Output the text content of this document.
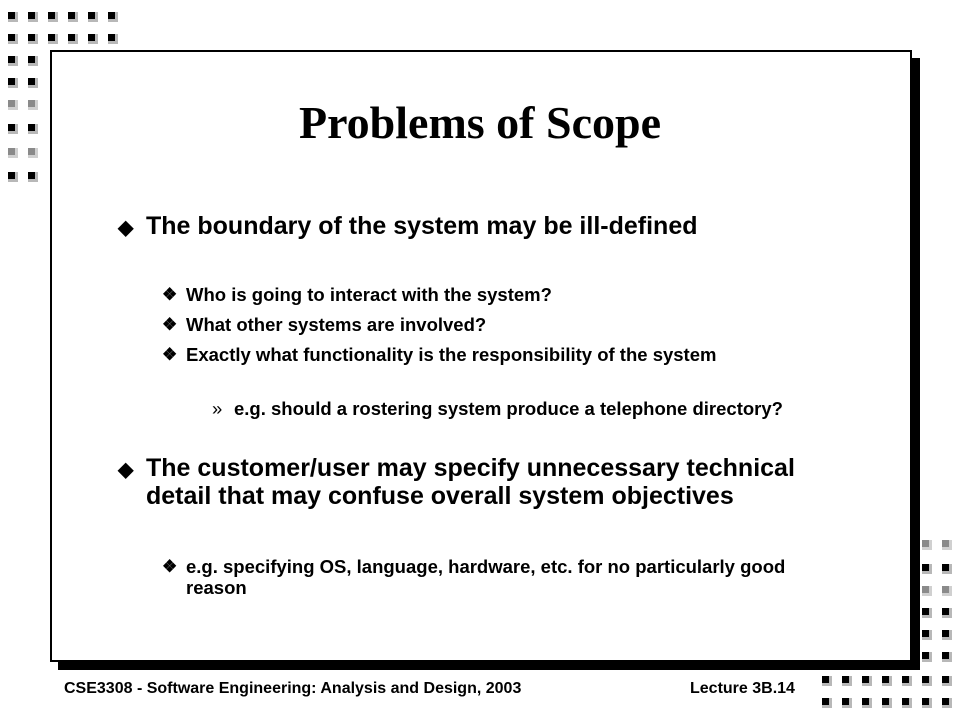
Problems of Scope
◆ The boundary of the system may be ill-defined
❖ Who is going to interact with the system?
❖ What other systems are involved?
❖ Exactly what functionality is the responsibility of the system
» e.g. should a rostering system produce a telephone directory?
◆ The customer/user may specify unnecessary technical detail that may confuse overall system objectives
❖ e.g. specifying OS, language, hardware, etc. for no particularly good reason
CSE3308 - Software Engineering: Analysis and Design, 2003	Lecture 3B.14
